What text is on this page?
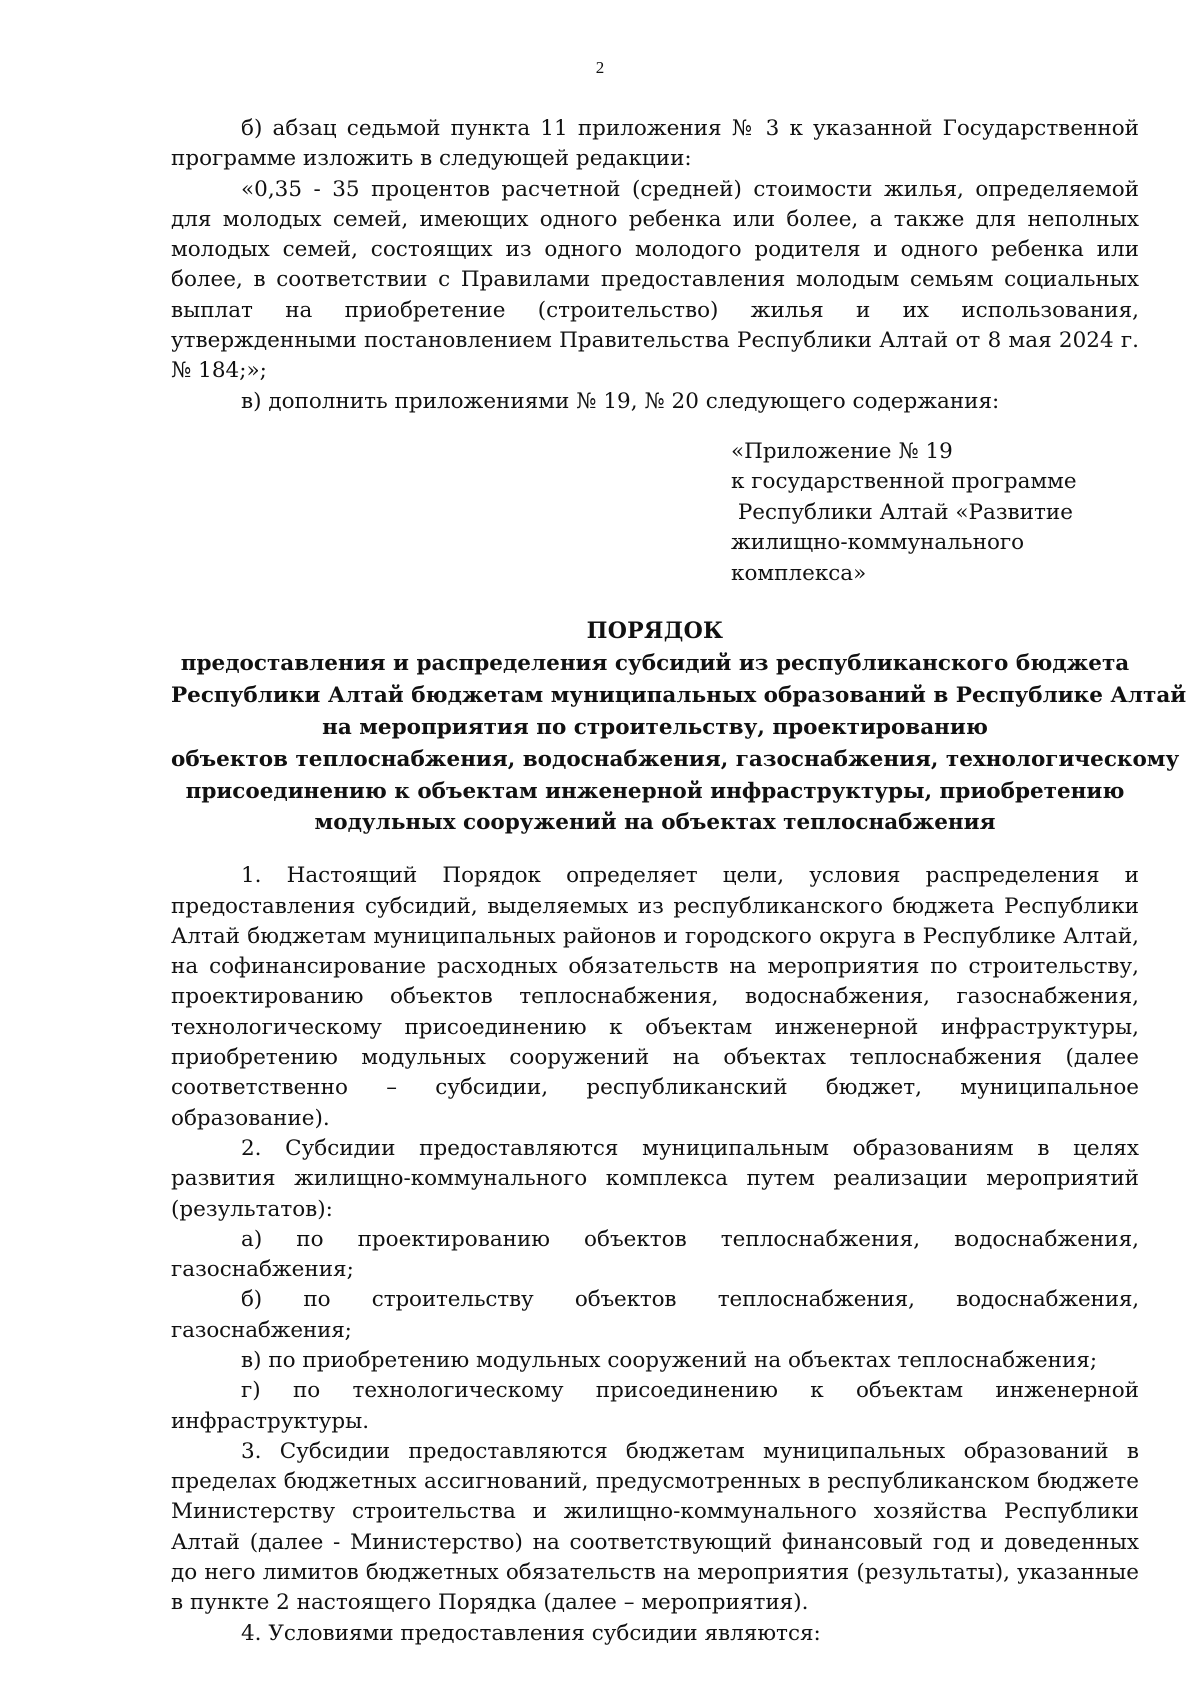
2

б) абзац седьмой пункта 11 приложения № 3 к указанной Государственной программе изложить в следующей редакции:

«0,35 - 35 процентов расчетной (средней) стоимости жилья, определяемой для молодых семей, имеющих одного ребенка или более, а также для неполных молодых семей, состоящих из одного молодого родителя и одного ребенка или более, в соответствии с Правилами предоставления молодым семьям социальных выплат на приобретение (строительство) жилья и их использования, утвержденными постановлением Правительства Республики Алтай от 8 мая 2024 г. № 184;»;

в) дополнить приложениями № 19, № 20 следующего содержания:

«Приложение № 19
к государственной программе
Республики Алтай «Развитие
жилищно-коммунального
комплекса»
ПОРЯДОК
предоставления и распределения субсидий из республиканского бюджета
Республики Алтай бюджетам муниципальных образований в Республике Алтай
на мероприятия по строительству, проектированию
объектов теплоснабжения, водоснабжения, газоснабжения, технологическому
присоединению к объектам инженерной инфраструктуры, приобретению
модульных сооружений на объектах теплоснабжения

1. Настоящий Порядок определяет цели, условия распределения и предоставления субсидий, выделяемых из республиканского бюджета Республики Алтай бюджетам муниципальных районов и городского округа в Республике Алтай, на софинансирование расходных обязательств на мероприятия по строительству, проектированию объектов теплоснабжения, водоснабжения, газоснабжения, технологическому присоединению к объектам инженерной инфраструктуры, приобретению модульных сооружений на объектах теплоснабжения (далее соответственно – субсидии, республиканский бюджет, муниципальное образование).

2. Субсидии предоставляются муниципальным образованиям в целях развития жилищно-коммунального комплекса путем реализации мероприятий (результатов):

а) по проектированию объектов теплоснабжения, водоснабжения, газоснабжения;

б) по строительству объектов теплоснабжения, водоснабжения, газоснабжения;

в) по приобретению модульных сооружений на объектах теплоснабжения;

г) по технологическому присоединению к объектам инженерной инфраструктуры.

3. Субсидии предоставляются бюджетам муниципальных образований в пределах бюджетных ассигнований, предусмотренных в республиканском бюджете Министерству строительства и жилищно-коммунального хозяйства Республики Алтай (далее - Министерство) на соответствующий финансовый год и доведенных до него лимитов бюджетных обязательств на мероприятия (результаты), указанные в пункте 2 настоящего Порядка (далее – мероприятия).

4. Условиями предоставления субсидии являются:
